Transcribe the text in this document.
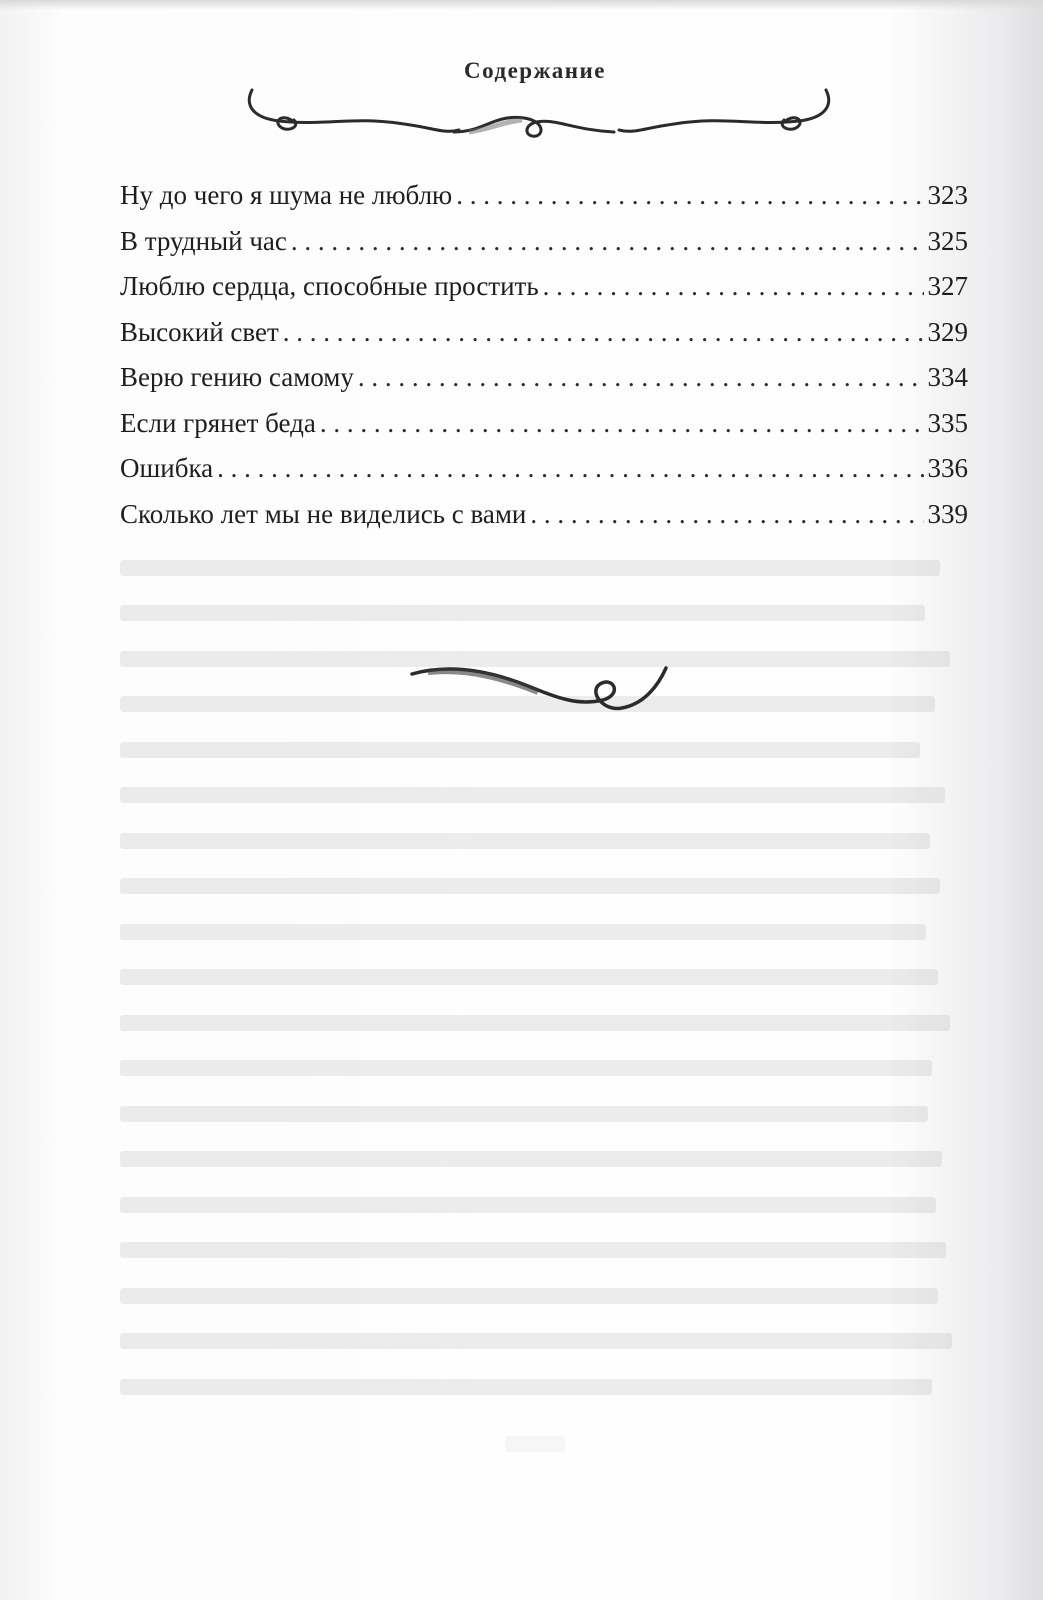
Содержание
Ну до чего я шума не люблю . . .	323
В трудный час . . .	325
Люблю сердца, способные простить . . .	327
Высокий свет . . .	329
Верю гению самому . . .	334
Если грянет беда . . .	335
Ошибка . . .	336
Сколько лет мы не виделись с вами . . .	339
